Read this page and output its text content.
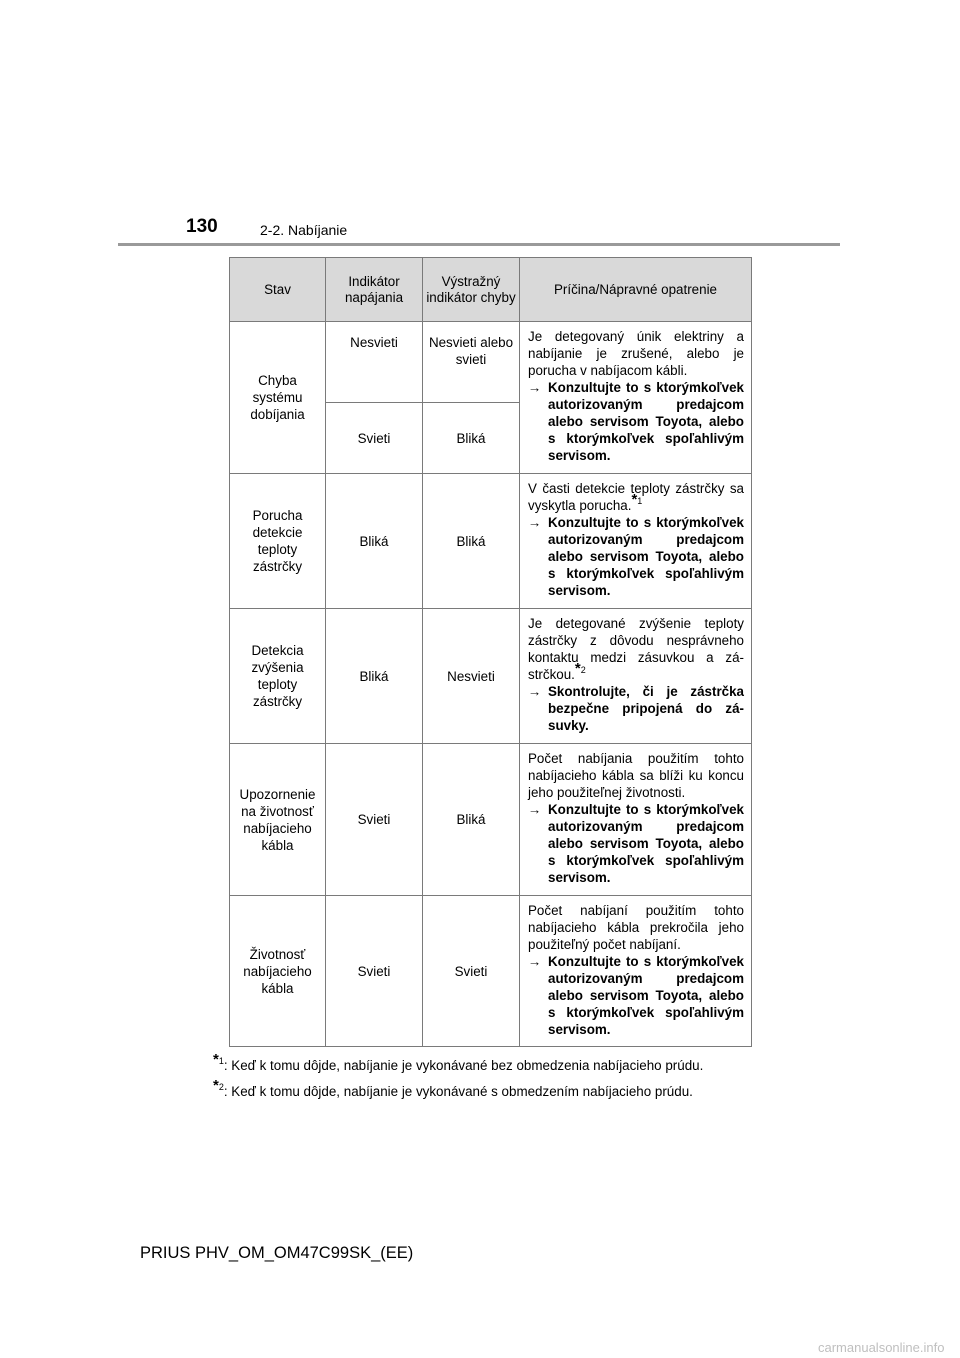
130	2-2. Nabíjanie
Stav	Indikátor napájania	Výstražný indikátor chyby	Príčina/Nápravné opatrenie
Chyba systému dobíjania	Nesvieti	Nesvieti alebo svieti	Je detegovaný únik elektriny a nabíjanie je zrušené, alebo je porucha v nabíjacom kábli.
→ Konzultujte to s ktorýmkoľvek autorizovaným predajcom alebo servisom Toyota, alebo s ktorýmkoľvek spoľahlivým servisom.

	Svieti	Bliká	
Porucha detekcie teploty zástrčky	Bliká	Bliká	V časti detekcie teploty zástrčky sa vyskytla porucha.$^{*1}$
→ Konzultujte to s ktorýmkoľvek autorizovaným predajcom alebo servisom Toyota, alebo s ktorýmkoľvek spoľahlivým servisom.

Detekcia zvýšenia teploty zástrčky	Bliká	Nesvieti	Je detegované zvýšenie teploty zástrčky z dôvodu nesprávneho kontaktu medzi zásuvkou a zástrčkou.$^{*2}$
→ Skontrolujte, či je zástrčka bezpečne pripojená do zásuvky.

Upozornenie na životnosť nabíjacieho kábla	Svieti	Bliká	Počet nabíjania použitím tohto nabíjacieho kábla sa blíži ku koncu jeho použiteľnej životnosti.
→ Konzultujte to s ktorýmkoľvek autorizovaným predajcom alebo servisom Toyota, alebo s ktorýmkoľvek spoľahlivým servisom.

Životnosť nabíjacieho kábla	Svieti	Svieti	Počet nabíjaní použitím tohto nabíjacieho kábla prekročila jeho použiteľný počet nabíjaní.
→ Konzultujte to s ktorýmkoľvek autorizovaným predajcom alebo servisom Toyota, alebo s ktorýmkoľvek spoľahlivým servisom.
$^{*1}$: Keď k tomu dôjde, nabíjanie je vykonávané bez obmedzenia nabíjacieho prúdu.
$^{*2}$: Keď k tomu dôjde, nabíjanie je vykonávané s obmedzením nabíjacieho prúdu.
PRIUS PHV_OM_OM47C99SK_(EE)
carmanualsonline.info
